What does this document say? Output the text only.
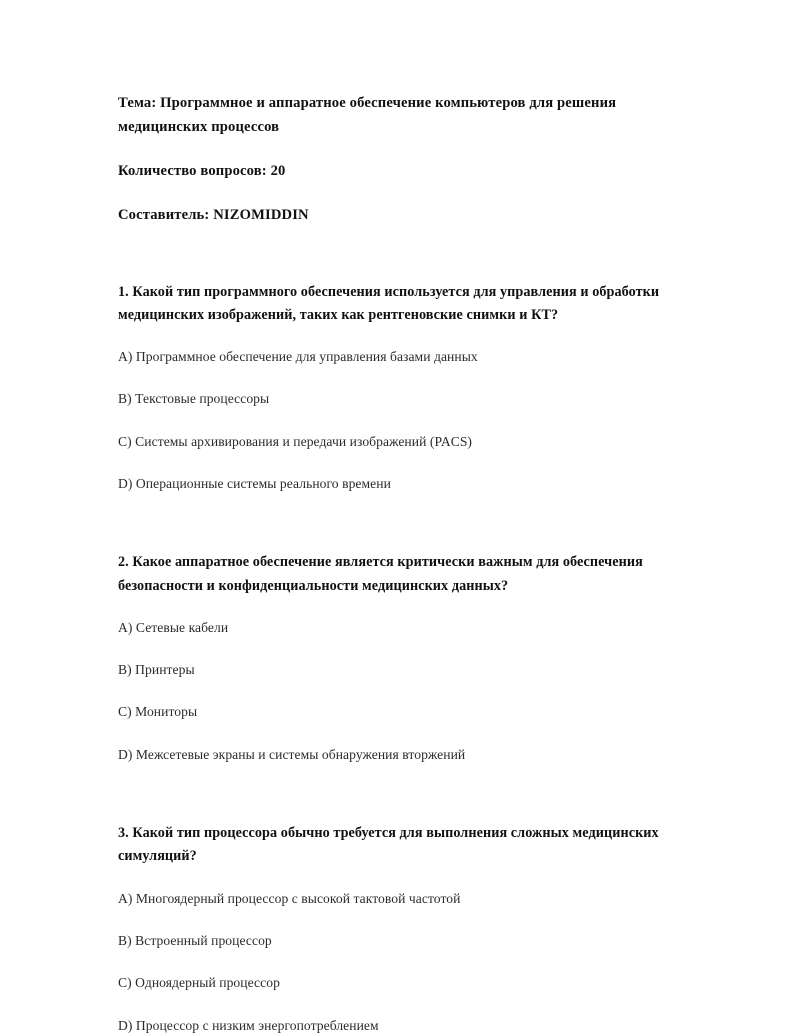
Тема: Программное и аппаратное обеспечение компьютеров для решения медицинских процессов

Количество вопросов: 20

Составитель: NIZOMIDDIN

1. Какой тип программного обеспечения используется для управления и обработки медицинских изображений, таких как рентгеновские снимки и КТ?

A) Программное обеспечение для управления базами данных

B) Текстовые процессоры

C) Системы архивирования и передачи изображений (PACS)

D) Операционные системы реального времени

2. Какое аппаратное обеспечение является критически важным для обеспечения безопасности и конфиденциальности медицинских данных?

A) Сетевые кабели

B) Принтеры

C) Мониторы

D) Межсетевые экраны и системы обнаружения вторжений

3. Какой тип процессора обычно требуется для выполнения сложных медицинских симуляций?

A) Многоядерный процессор с высокой тактовой частотой

B) Встроенный процессор

C) Одноядерный процессор

D) Процессор с низким энергопотреблением
